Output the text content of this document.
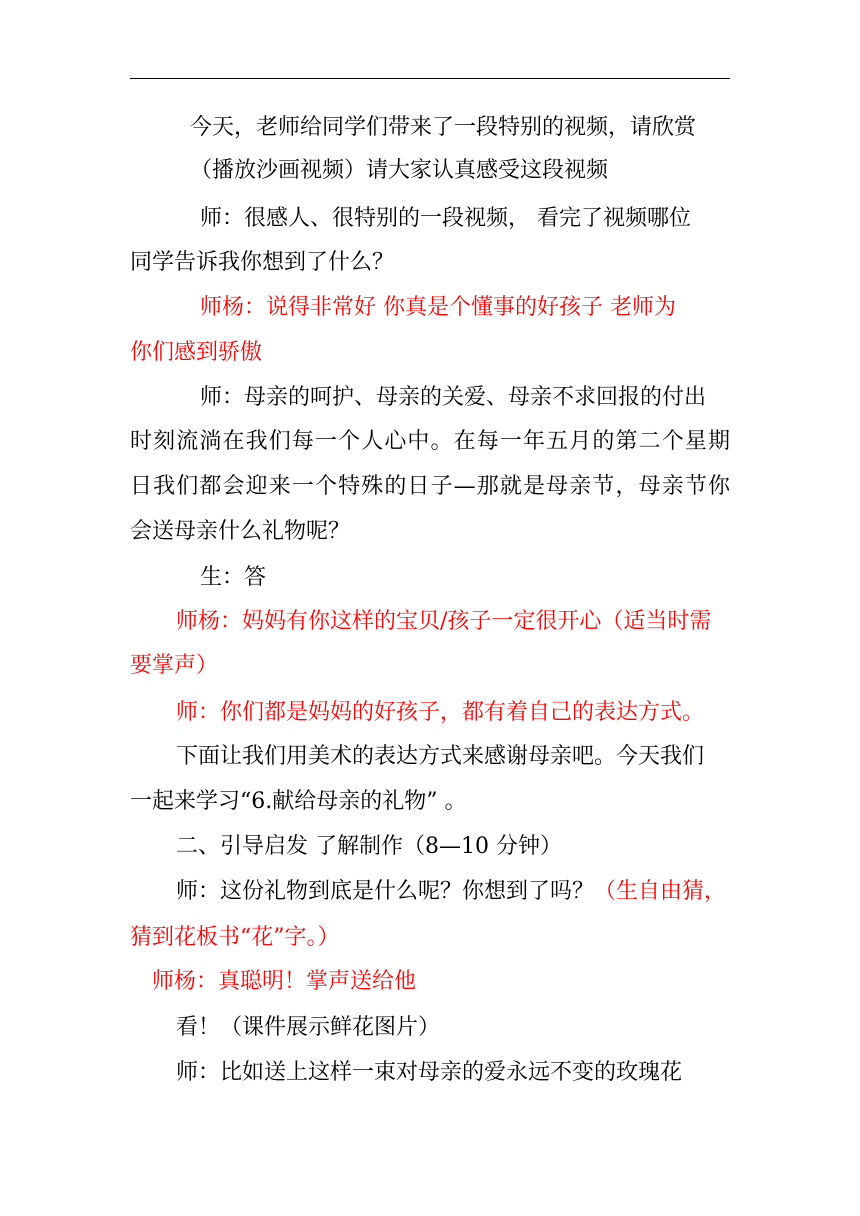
今天，老师给同学们带来了一段特别的视频，请欣赏
（播放沙画视频）请大家认真感受这段视频
师：很感人、很特别的一段视频， 看完了视频哪位
同学告诉我你想到了什么？
师杨：说得非常好 你真是个懂事的好孩子 老师为
你们感到骄傲
师：母亲的呵护、母亲的关爱、母亲不求回报的付出
时刻流淌在我们每一个人心中。在每一年五月的第二个星期
日我们都会迎来一个特殊的日子—那就是母亲节，母亲节你
会送母亲什么礼物呢？
生：答
师杨：妈妈有你这样的宝贝/孩子一定很开心（适当时需
要掌声）
师：你们都是妈妈的好孩子，都有着自己的表达方式。
下面让我们用美术的表达方式来感谢母亲吧。今天我们
一起来学习“6.献给母亲的礼物” 。
二、引导启发 了解制作（8—10 分钟）
师：这份礼物到底是什么呢？你想到了吗？（生自由猜，
猜到花板书“花”字。）
师杨：真聪明！掌声送给他
看！（课件展示鲜花图片）
师：比如送上这样一束对母亲的爱永远不变的玫瑰花
